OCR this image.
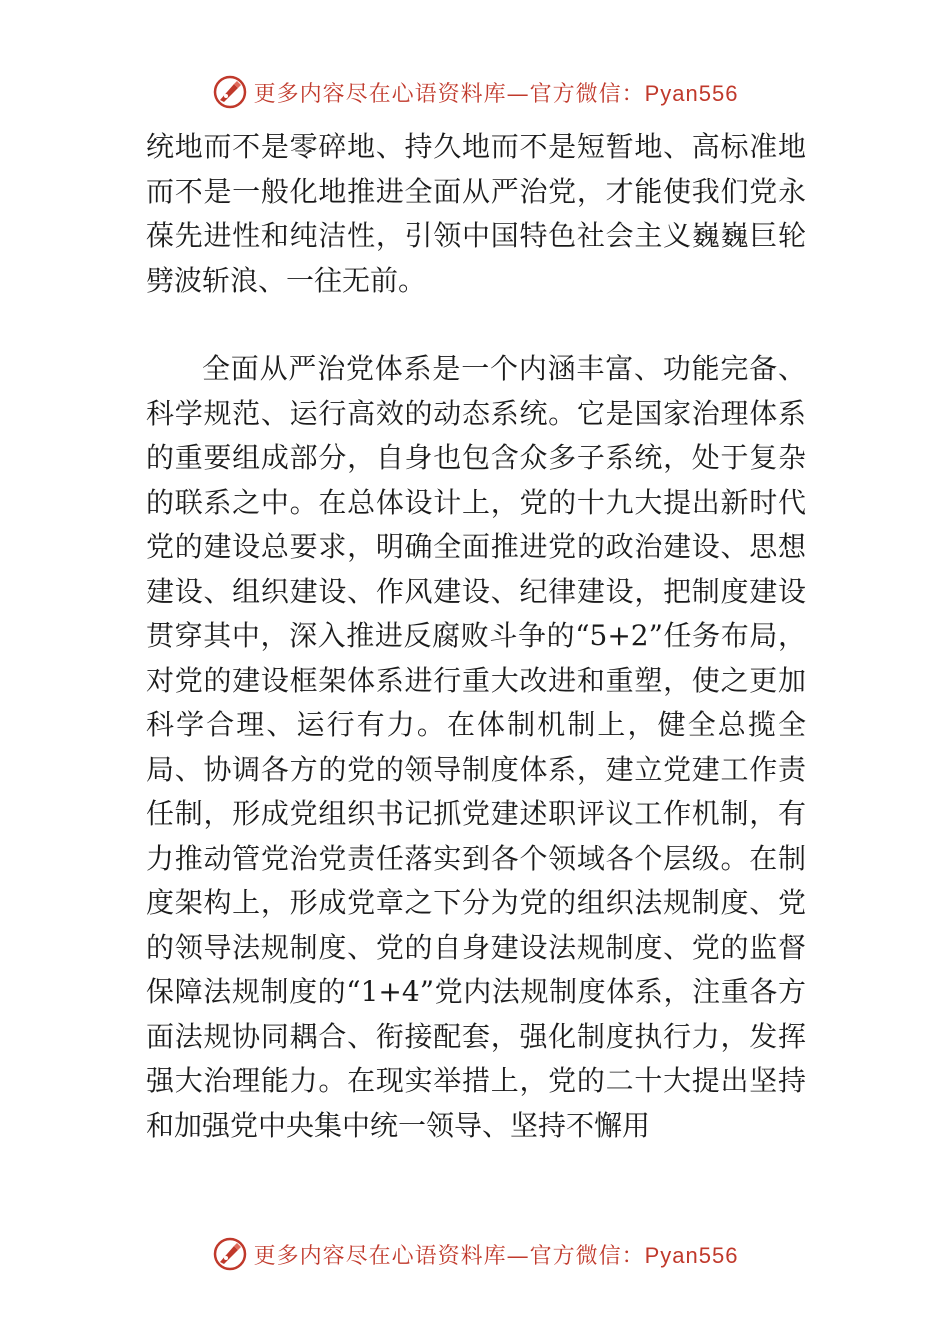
更多内容尽在心语资料库—官方微信：Pyan556

统地而不是零碎地、持久地而不是短暂地、高标准地而不是一般化地推进全面从严治党，才能使我们党永葆先进性和纯洁性，引领中国特色社会主义巍巍巨轮劈波斩浪、一往无前。

全面从严治党体系是一个内涵丰富、功能完备、科学规范、运行高效的动态系统。它是国家治理体系的重要组成部分，自身也包含众多子系统，处于复杂的联系之中。在总体设计上，党的十九大提出新时代党的建设总要求，明确全面推进党的政治建设、思想建设、组织建设、作风建设、纪律建设，把制度建设贯穿其中，深入推进反腐败斗争的“5+2”任务布局，对党的建设框架体系进行重大改进和重塑，使之更加科学合理、运行有力。在体制机制上，健全总揽全局、协调各方的党的领导制度体系，建立党建工作责任制，形成党组织书记抓党建述职评议工作机制，有力推动管党治党责任落实到各个领域各个层级。在制度架构上，形成党章之下分为党的组织法规制度、党的领导法规制度、党的自身建设法规制度、党的监督保障法规制度的“1+4”党内法规制度体系，注重各方面法规协同耦合、衔接配套，强化制度执行力，发挥强大治理能力。在现实举措上，党的二十大提出坚持和加强党中央集中统一领导、坚持不懈用

更多内容尽在心语资料库—官方微信：Pyan556
